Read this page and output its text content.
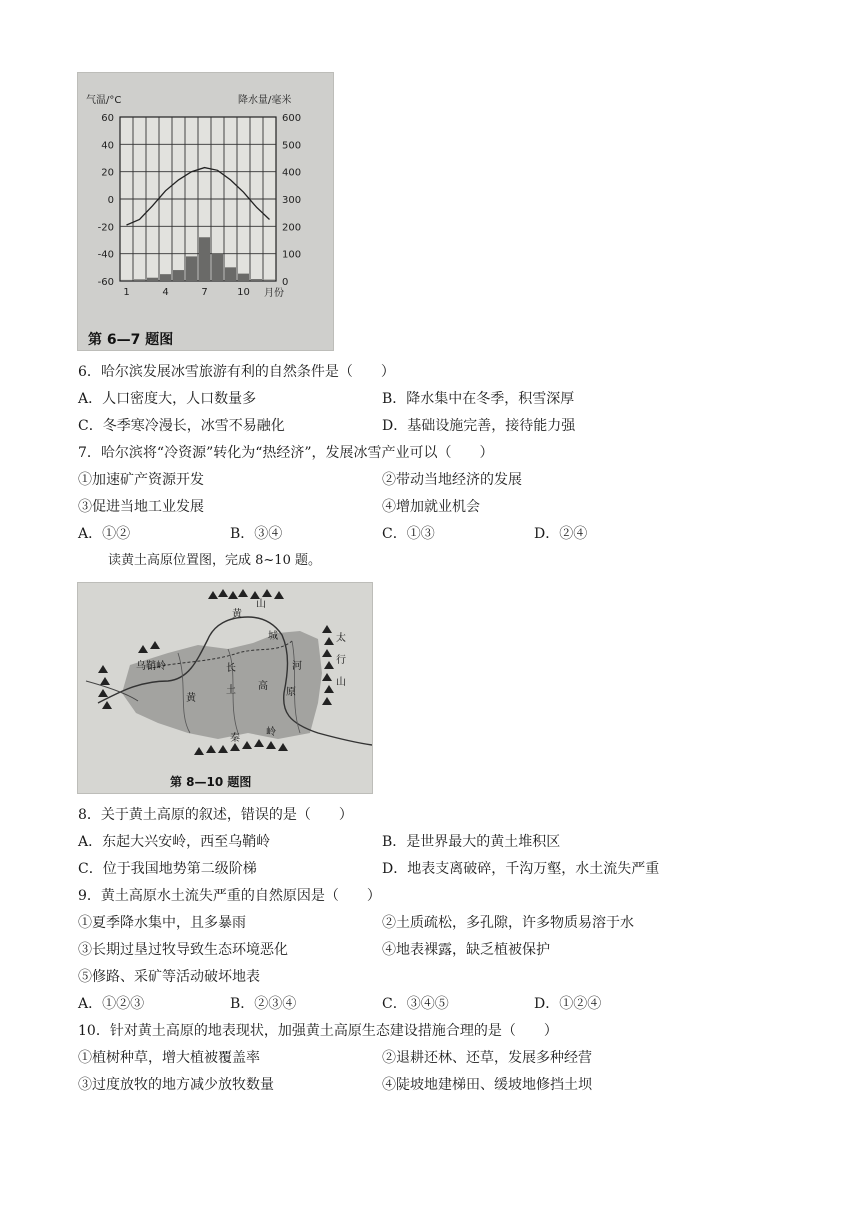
气温/°C	降水量/毫米
60
40
20
0
-20
-40
-60
600
500
400
300
200
100
0
1	4	7	10 月份
第 6—7 题图
6．哈尔滨发展冰雪旅游有利的自然条件是（　　）
A．人口密度大，人口数量多	B．降水集中在冬季，积雪深厚
C．冬季寒冷漫长，冰雪不易融化	D．基础设施完善，接待能力强
7．哈尔滨将“冷资源”转化为“热经济”，发展冰雪产业可以（　　）
①加速矿产资源开发	②带动当地经济的发展
③促进当地工业发展	④增加就业机会
A．①②	B．③④	C．①③	D．②④
读黄土高原位置图，完成 8~10 题。
黄
山
城
长	河
太
行
山
乌鞘岭
黄
土 高
原
秦
岭
第 8—10 题图
8．关于黄土高原的叙述，错误的是（　　）
A．东起大兴安岭，西至乌鞘岭	B．是世界最大的黄土堆积区
C．位于我国地势第二级阶梯	D．地表支离破碎，千沟万壑，水土流失严重
9．黄土高原水土流失严重的自然原因是（　　）
①夏季降水集中，且多暴雨	②土质疏松，多孔隙，许多物质易溶于水
③长期过垦过牧导致生态环境恶化	④地表裸露，缺乏植被保护
⑤修路、采矿等活动破坏地表
A．①②③	B．②③④	C．③④⑤	D．①②④
10．针对黄土高原的地表现状，加强黄土高原生态建设措施合理的是（　　）
①植树种草，增大植被覆盖率	②退耕还林、还草，发展多种经营
③过度放牧的地方减少放牧数量	④陡坡地建梯田、缓坡地修挡土坝
